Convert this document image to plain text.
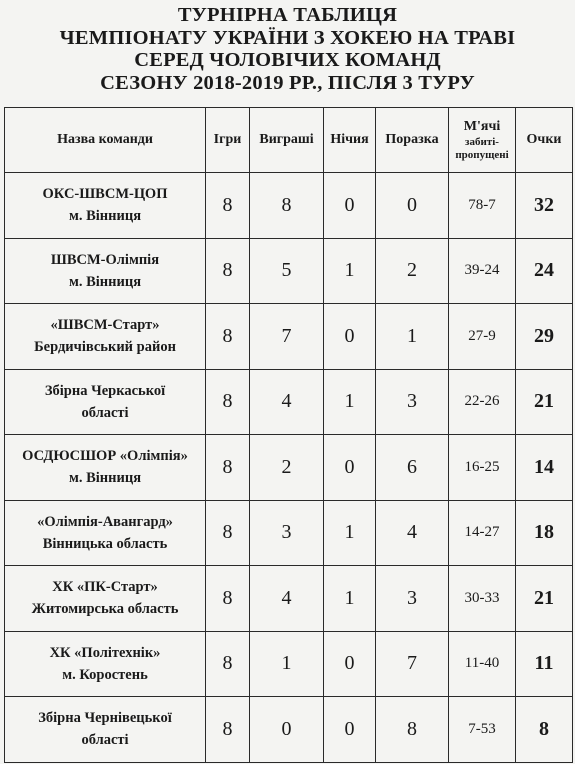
ТУРНІРНА ТАБЛИЦЯ
ЧЕМПІОНАТУ УКРАЇНИ З ХОКЕЮ НА ТРАВІ
СЕРЕД ЧОЛОВІЧИХ КОМАНД
СЕЗОНУ 2018-2019 РР., ПІСЛЯ 3 ТУРУ
Назва команди	Ігри	Виграші	Нічия	Поразка	М'ячі
забиті-
пропущені	Очки

ОКС-ШВСМ-ЦОП
м. Вінниця	8	8	0	0	78-7	32

ШВСМ-Олімпія
м. Вінниця	8	5	1	2	39-24	24

«ШВСМ-Старт»
Бердичівський район	8	7	0	1	27-9	29

Збірна Черкаської
області	8	4	1	3	22-26	21

ОСДЮСШОР «Олімпія»
м. Вінниця	8	2	0	6	16-25	14

«Олімпія-Авангард»
Вінницька область	8	3	1	4	14-27	18

ХК «ПК-Старт»
Житомирська область	8	4	1	3	30-33	21

ХК «Політехнік»
м. Коростень	8	1	0	7	11-40	11

Збірна Чернівецької
області	8	0	0	8	7-53	8
